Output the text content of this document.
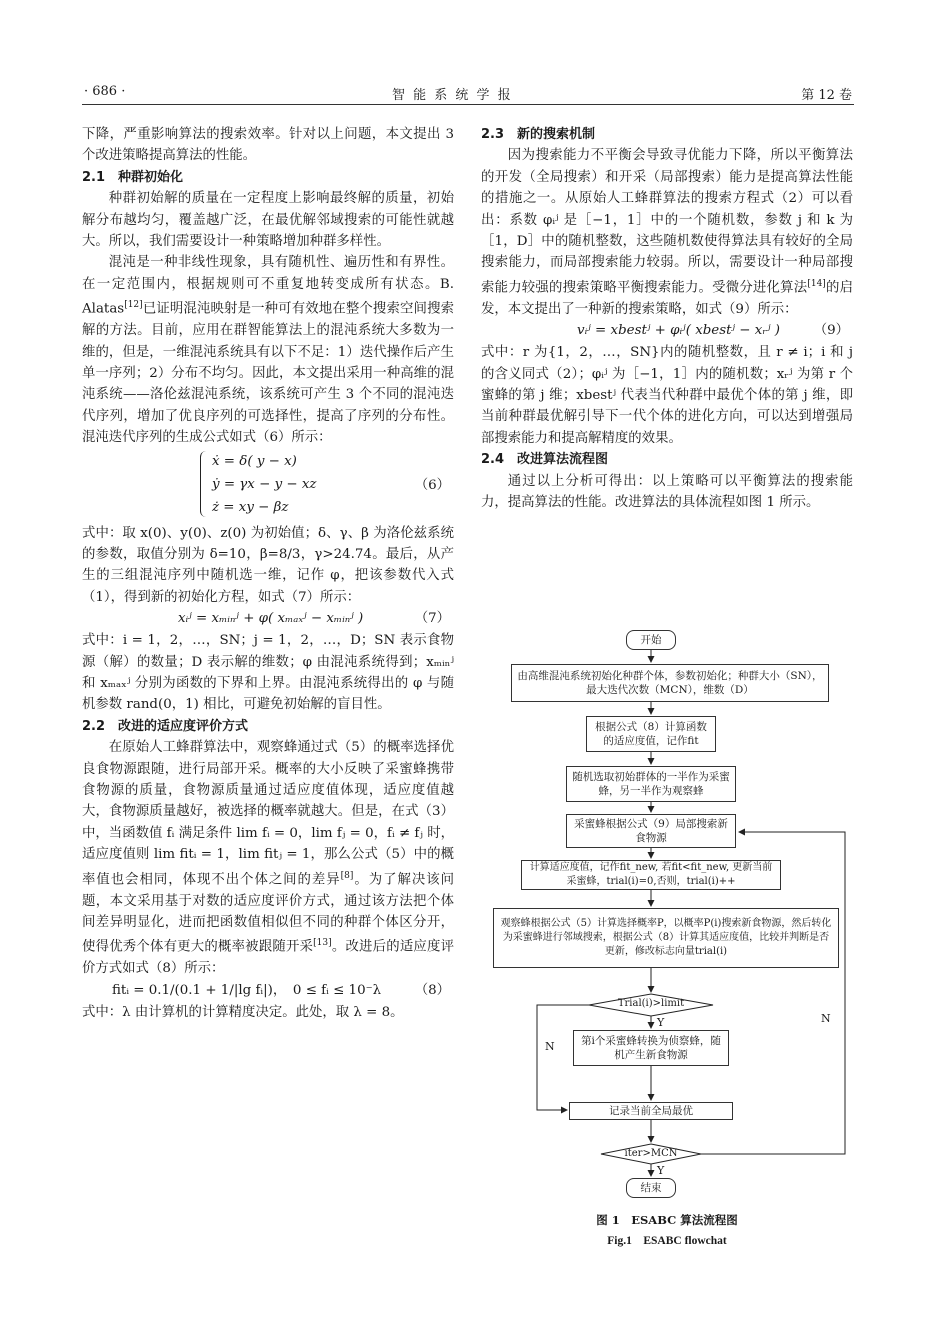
· 686 ·	智 能 系 统 学 报	第 12 卷

下降，严重影响算法的搜索效率。针对以上问题，本文提出 3 个改进策略提高算法的性能。

2.1　种群初始化

种群初始解的质量在一定程度上影响最终解的质量，初始解分布越均匀，覆盖越广泛，在最优解邻域搜索的可能性就越大。所以，我们需要设计一种策略增加种群多样性。

混沌是一种非线性现象，具有随机性、遍历性和有界性。在一定范围内，根据规则可不重复地转变成所有状态。B. Alatas[12]已证明混沌映射是一种可有效地在整个搜索空间搜索解的方法。目前，应用在群智能算法上的混沌系统大多数为一维的，但是，一维混沌系统具有以下不足：1）迭代操作后产生单一序列；2）分布不均匀。因此，本文提出采用一种高维的混沌系统——洛伦兹混沌系统，该系统可产生 3 个不同的混沌迭代序列，增加了优良序列的可选择性，提高了序列的分布性。混沌迭代序列的生成公式如式（6）所示：

ẋ = δ( y − x)
ẏ = γx − y − xz
ż = xy − βz
（6）

式中：取 x(0)、y(0)、z(0) 为初始值；δ、γ、β 为洛伦兹系统的参数，取值分别为 δ=10，β=8/3，γ>24.74。最后，从产生的三组混沌序列中随机选一维，记作 φ，把该参数代入式（1），得到新的初始化方程，如式（7）所示：

xᵢʲ = xₘᵢₙʲ + φ( xₘₐₓʲ − xₘᵢₙʲ )	（7）

式中：i = 1，2，…，SN；j = 1，2，…，D；SN 表示食物源（解）的数量；D 表示解的维数；φ 由混沌系统得到；xₘᵢₙʲ 和 xₘₐₓʲ 分别为函数的下界和上界。由混沌系统得出的 φ 与随机参数 rand(0，1) 相比，可避免初始解的盲目性。

2.2　改进的适应度评价方式

在原始人工蜂群算法中，观察蜂通过式（5）的概率选择优良食物源跟随，进行局部开采。概率的大小反映了采蜜蜂携带食物源的质量，食物源质量通过适应度值体现，适应度值越大，食物源质量越好，被选择的概率就越大。但是，在式（3）中，当函数值 fᵢ 满足条件 lim fᵢ = 0，lim fⱼ = 0，fᵢ ≠ fⱼ 时，适应度值则 lim fitᵢ = 1，lim fitⱼ = 1，那么公式（5）中的概率值也会相同，体现不出个体之间的差异[8]。为了解决该问题，本文采用基于对数的适应度评价方式，通过该方法把个体间差异明显化，进而把函数值相似但不同的种群个体区分开，使得优秀个体有更大的概率被跟随开采[13]。改进后的适应度评价方式如式（8）所示：

fitᵢ = 0.1/(0.1 + 1/|lg fᵢ|)，　0 ≤ fᵢ ≤ 10⁻λ	（8）

式中：λ 由计算机的计算精度决定。此处，取 λ = 8。

2.3　新的搜索机制

因为搜索能力不平衡会导致寻优能力下降，所以平衡算法的开发（全局搜索）和开采（局部搜索）能力是提高算法性能的措施之一。从原始人工蜂群算法的搜索方程式（2）可以看出：系数 φᵢʲ 是［−1，1］中的一个随机数，参数 j 和 k 为［1，D］中的随机整数，这些随机数使得算法具有较好的全局搜索能力，而局部搜索能力较弱。所以，需要设计一种局部搜索能力较强的搜索策略平衡搜索能力。受微分进化算法[14]的启发，本文提出了一种新的搜索策略，如式（9）所示：

vᵢʲ = xbestʲ + φᵢʲ( xbestʲ − xᵣʲ )	（9）

式中：r 为{1，2，…，SN}内的随机整数，且 r ≠ i；i 和 j 的含义同式（2）；φᵢʲ 为［−1，1］内的随机数；xᵣʲ 为第 r 个蜜蜂的第 j 维；xbestʲ 代表当代种群中最优个体的第 j 维，即当前种群最优解引导下一代个体的进化方向，可以达到增强局部搜索能力和提高解精度的效果。

2.4　改进算法流程图

通过以上分析可得出：以上策略可以平衡算法的搜索能力，提高算法的性能。改进算法的具体流程如图 1 所示。

开始
由高维混沌系统初始化种群个体，参数初始化；种群大小（SN），最大迭代次数（MCN），维数（D）
根据公式（8）计算函数的适应度值，记作fit
随机选取初始群体的一半作为采蜜蜂，另一半作为观察蜂
采蜜蜂根据公式（9）局部搜索新食物源
计算适应度值，记作fit_new, 若fit<fit_new, 更新当前采蜜蜂，trial(i)=0,否则，trial(i)++
观察蜂根据公式（5）计算选择概率P，以概率P(i)搜索新食物源，然后转化为采蜜蜂进行邻域搜索，根据公式（8）计算其适应度值，比较并判断是否更新，修改标志向量trial(i)
Trial(i)>limit
Y
第i个采蜜蜂转换为侦察蜂，随机产生新食物源
N
N
记录当前全局最优
iter>MCN
Y
结束
图 1　ESABC 算法流程图
Fig.1　ESABC flowchat
